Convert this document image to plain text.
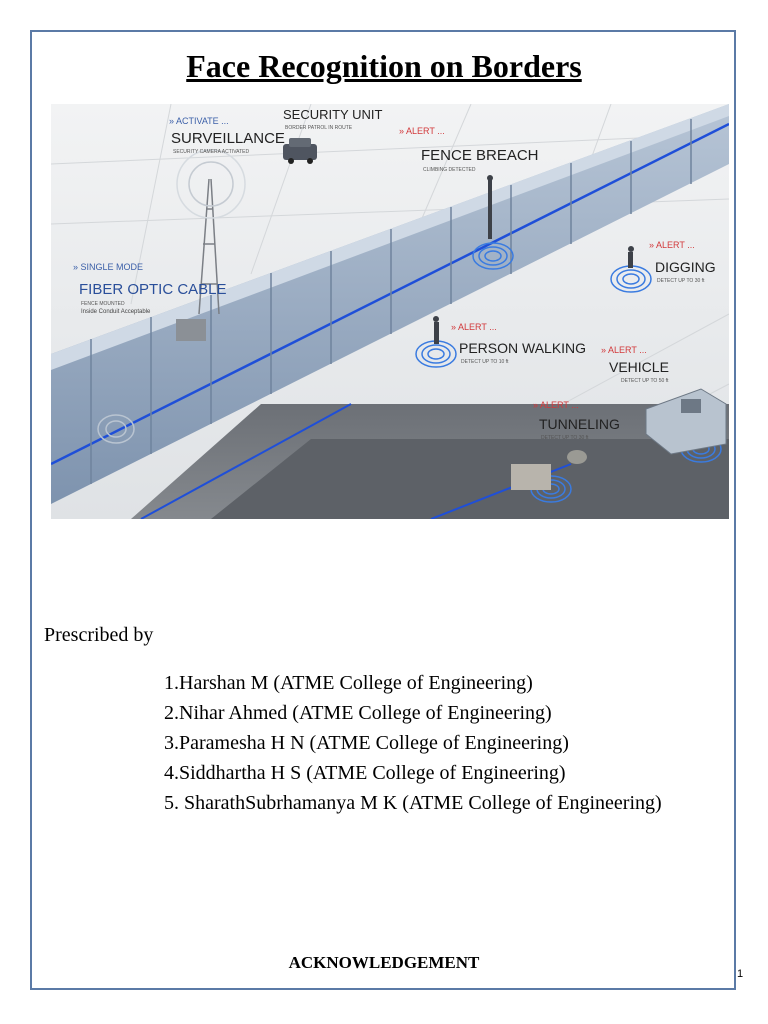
Face Recognition on Borders
» ACTIVATE ...
SURVEILLANCE
SECURITY CAMERA ACTIVATED
SECURITY UNIT
BORDER PATROL IN ROUTE	» ALERT ...
FENCE BREACH
CLIMBING DETECTED
» SINGLE MODE
FIBER OPTIC CABLE
FENCE MOUNTED
Inside Conduit Acceptable
» ALERT ...
DIGGING
DETECT UP TO 30 ft
» ALERT ...
PERSON WALKING
DETECT UP TO 10 ft
» ALERT ...
VEHICLE
DETECT UP TO 50 ft
» ALERT ...
TUNNELING
DETECT UP TO 30 ft
Prescribed by
1.Harshan M (ATME College of Engineering)
2.Nihar Ahmed (ATME College of Engineering)
3.Paramesha H N (ATME College of Engineering)
4.Siddhartha H S (ATME College of Engineering)
5. SharathSubrhamanya M K (ATME College of Engineering)
ACKNOWLEDGEMENT
1
